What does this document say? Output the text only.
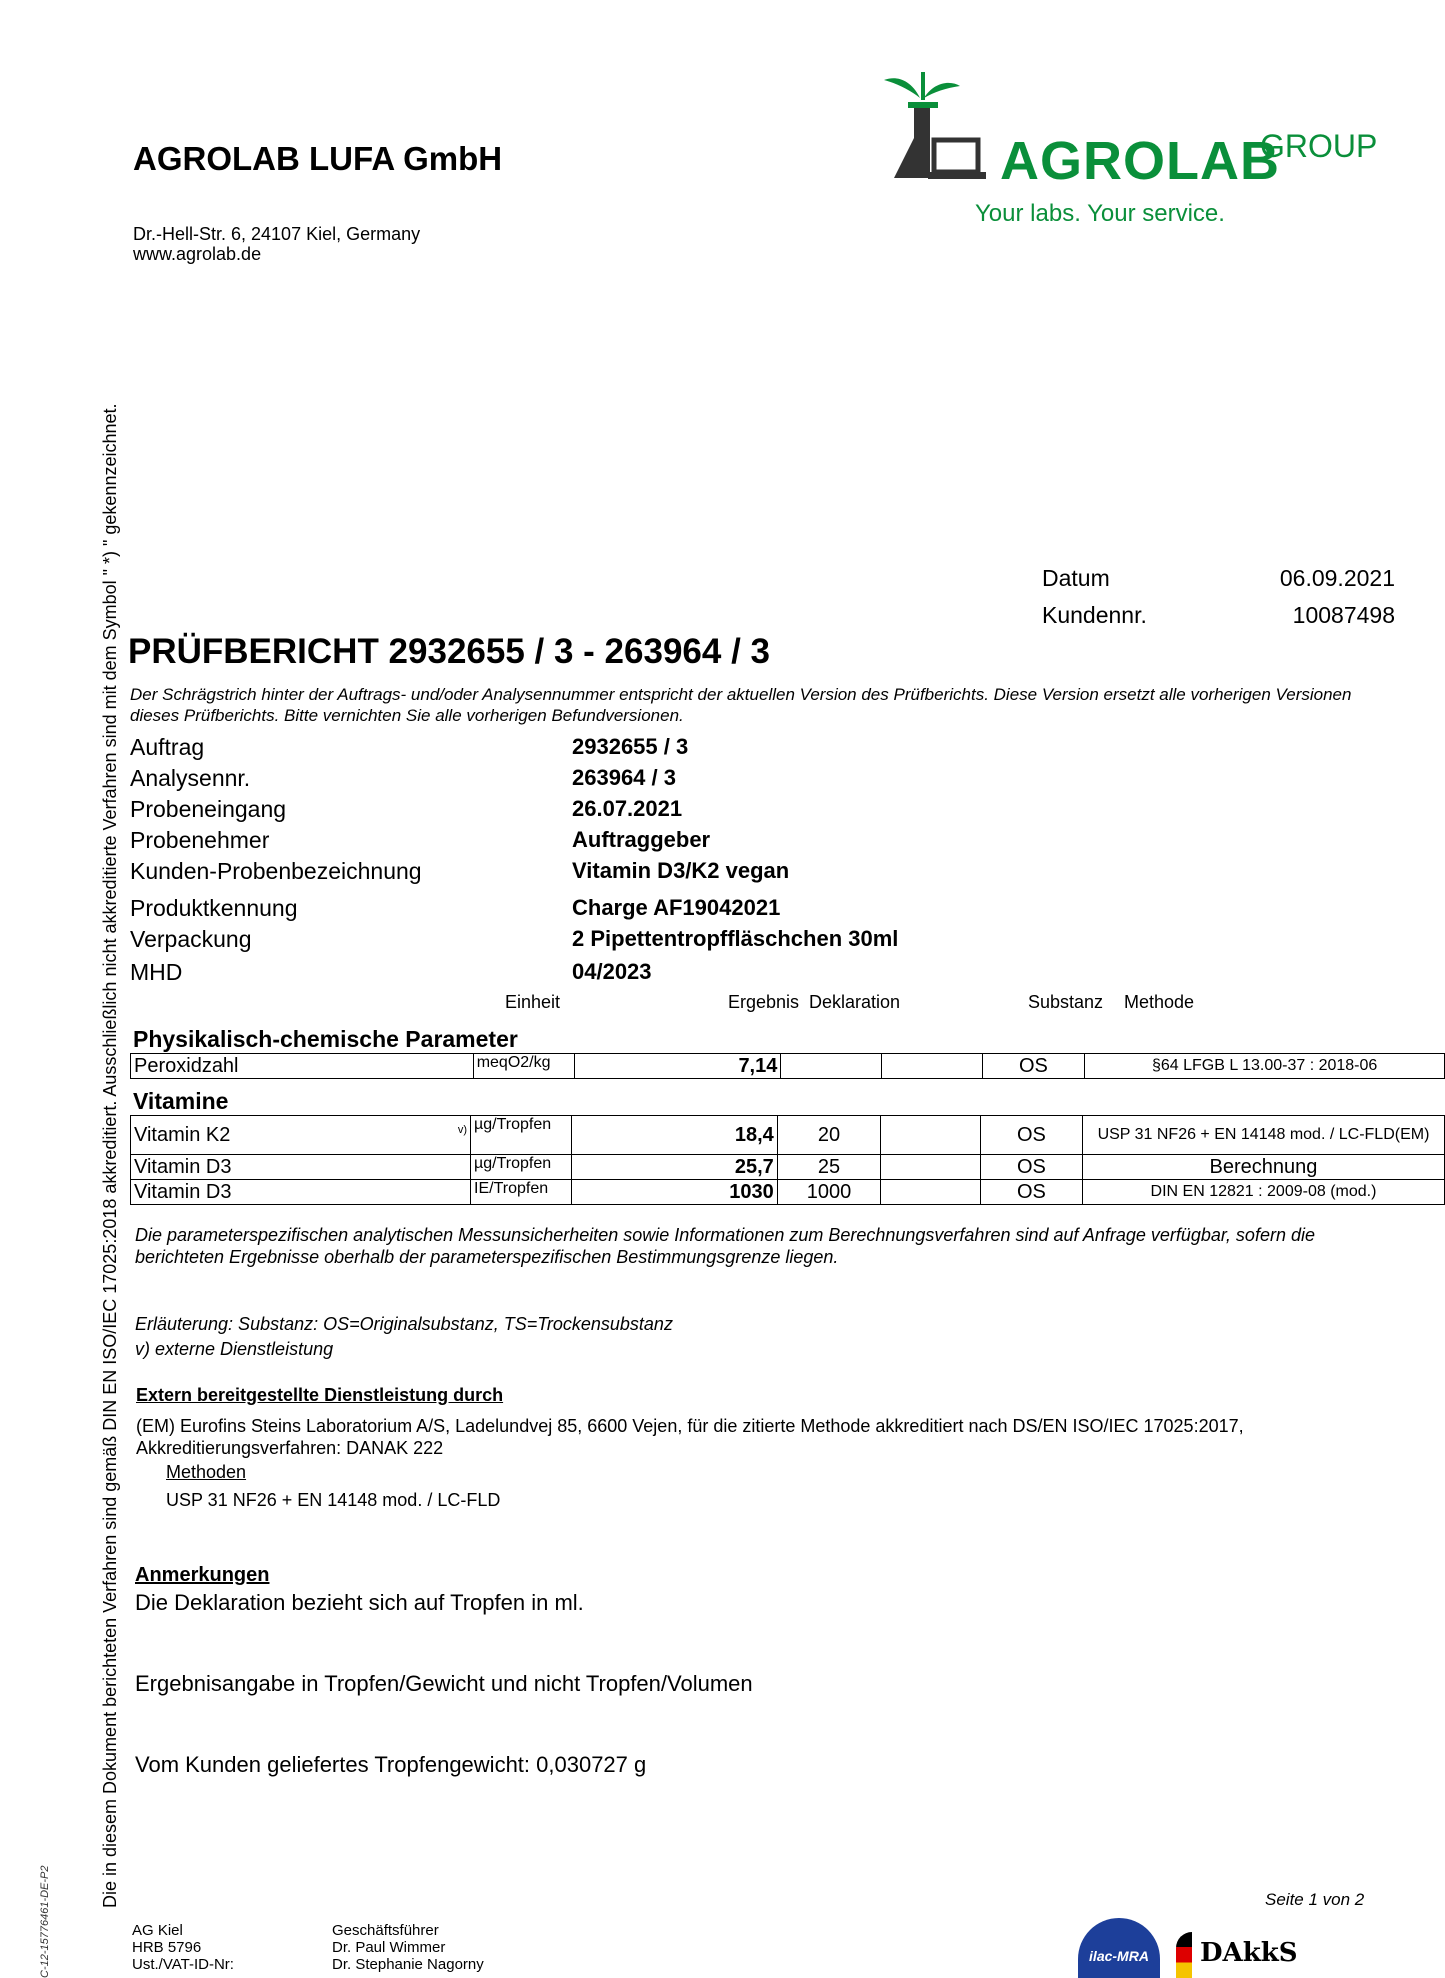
AGROLAB LUFA GmbH
Dr.-Hell-Str. 6, 24107 Kiel, Germany
www.agrolab.de
AGROLAB
GROUP
Your labs. Your service.
Die in diesem Dokument berichteten Verfahren sind gemäß DIN EN ISO/IEC 17025:2018 akkreditiert. Ausschließlich nicht akkreditierte Verfahren sind mit dem Symbol " *) " gekennzeichnet.
C-12-15776461-DE-P2
Datum	06.09.2021
Kundennr.	10087498
PRÜFBERICHT 2932655 / 3 - 263964 / 3
Der Schrägstrich hinter der Auftrags- und/oder Analysennummer entspricht der aktuellen Version des Prüfberichts. Diese Version ersetzt alle vorherigen Versionen dieses Prüfberichts. Bitte vernichten Sie alle vorherigen Befundversionen.
Auftrag	2932655 / 3
Analysennr.	263964 / 3
Probeneingang	26.07.2021
Probenehmer	Auftraggeber
Kunden-Probenbezeichnung	Vitamin D3/K2 vegan
Produktkennung	Charge AF19042021
Verpackung	2 Pipettentropffläschchen 30ml
MHD	04/2023
Einheit	Ergebnis Deklaration	Substanz Methode
Physikalisch-chemische Parameter
Peroxidzahl	meqO2/kg	7,14			OS	§64 LFGB L 13.00-37 : 2018-06
Vitamine
v)
Vitamin K2	µg/Tropfen	18,4	20		OS	USP 31 NF26 + EN 14148 mod. / LC-FLD(EM)
Vitamin D3	µg/Tropfen	25,7	25		OS	Berechnung
Vitamin D3	IE/Tropfen	1030	1000		OS	DIN EN 12821 : 2009-08 (mod.)
Die parameterspezifischen analytischen Messunsicherheiten sowie Informationen zum Berechnungsverfahren sind auf Anfrage verfügbar, sofern die berichteten Ergebnisse oberhalb der parameterspezifischen Bestimmungsgrenze liegen.
Erläuterung: Substanz: OS=Originalsubstanz, TS=Trockensubstanz
v) externe Dienstleistung
Extern bereitgestellte Dienstleistung durch
(EM) Eurofins Steins Laboratorium A/S, Ladelundvej 85, 6600 Vejen, für die zitierte Methode akkreditiert nach DS/EN ISO/IEC 17025:2017, Akkreditierungsverfahren: DANAK 222
Methoden
USP 31 NF26 + EN 14148 mod. / LC-FLD
Anmerkungen
Die Deklaration bezieht sich auf Tropfen in ml.
Ergebnisangabe in Tropfen/Gewicht und nicht Tropfen/Volumen
Vom Kunden geliefertes Tropfengewicht: 0,030727 g
Seite 1 von 2
AG Kiel
HRB 5796
Ust./VAT-ID-Nr:
Geschäftsführer
Dr. Paul Wimmer
Dr. Stephanie Nagorny	ilac-MRA	DAkkS
